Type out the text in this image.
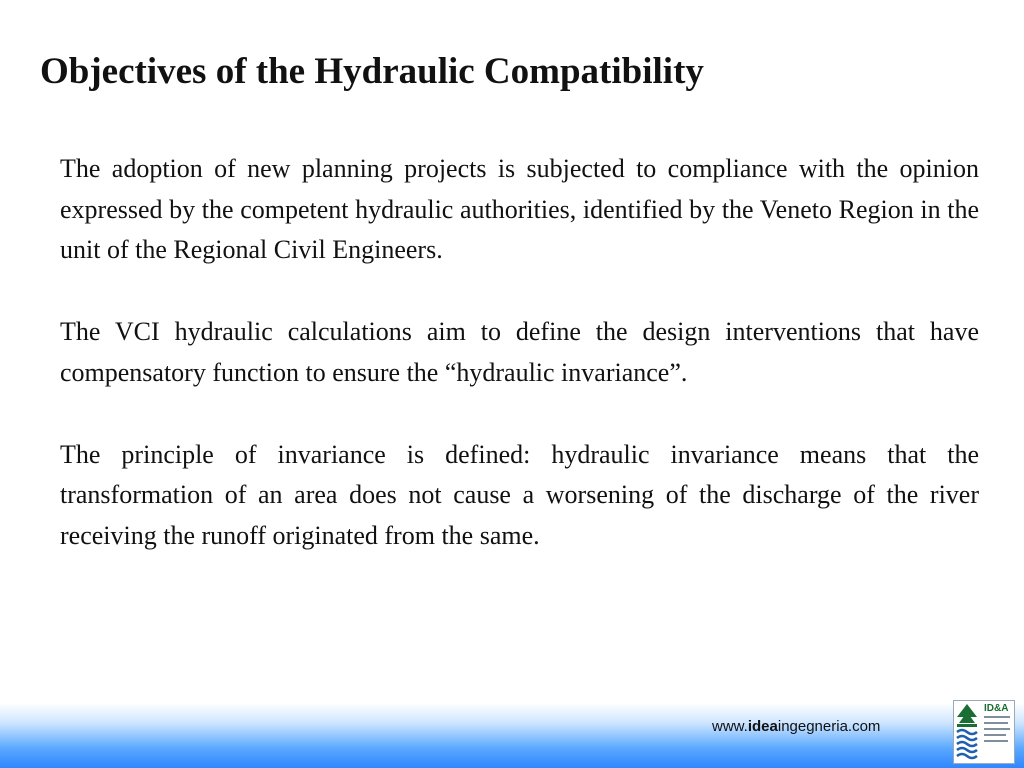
Objectives of the Hydraulic Compatibility

The adoption of new planning projects is subjected to compliance with the opinion expressed by the competent hydraulic authorities, identified by the Veneto Region in the unit of the Regional Civil Engineers.

The VCI hydraulic calculations aim to define the design interventions that have compensatory function to ensure the “hydraulic invariance”.

The principle of invariance is defined: hydraulic invariance means that the transformation of an area does not cause a worsening of the discharge of the river receiving the runoff originated from the same.

www.ideaingegneria.com
ID&A
